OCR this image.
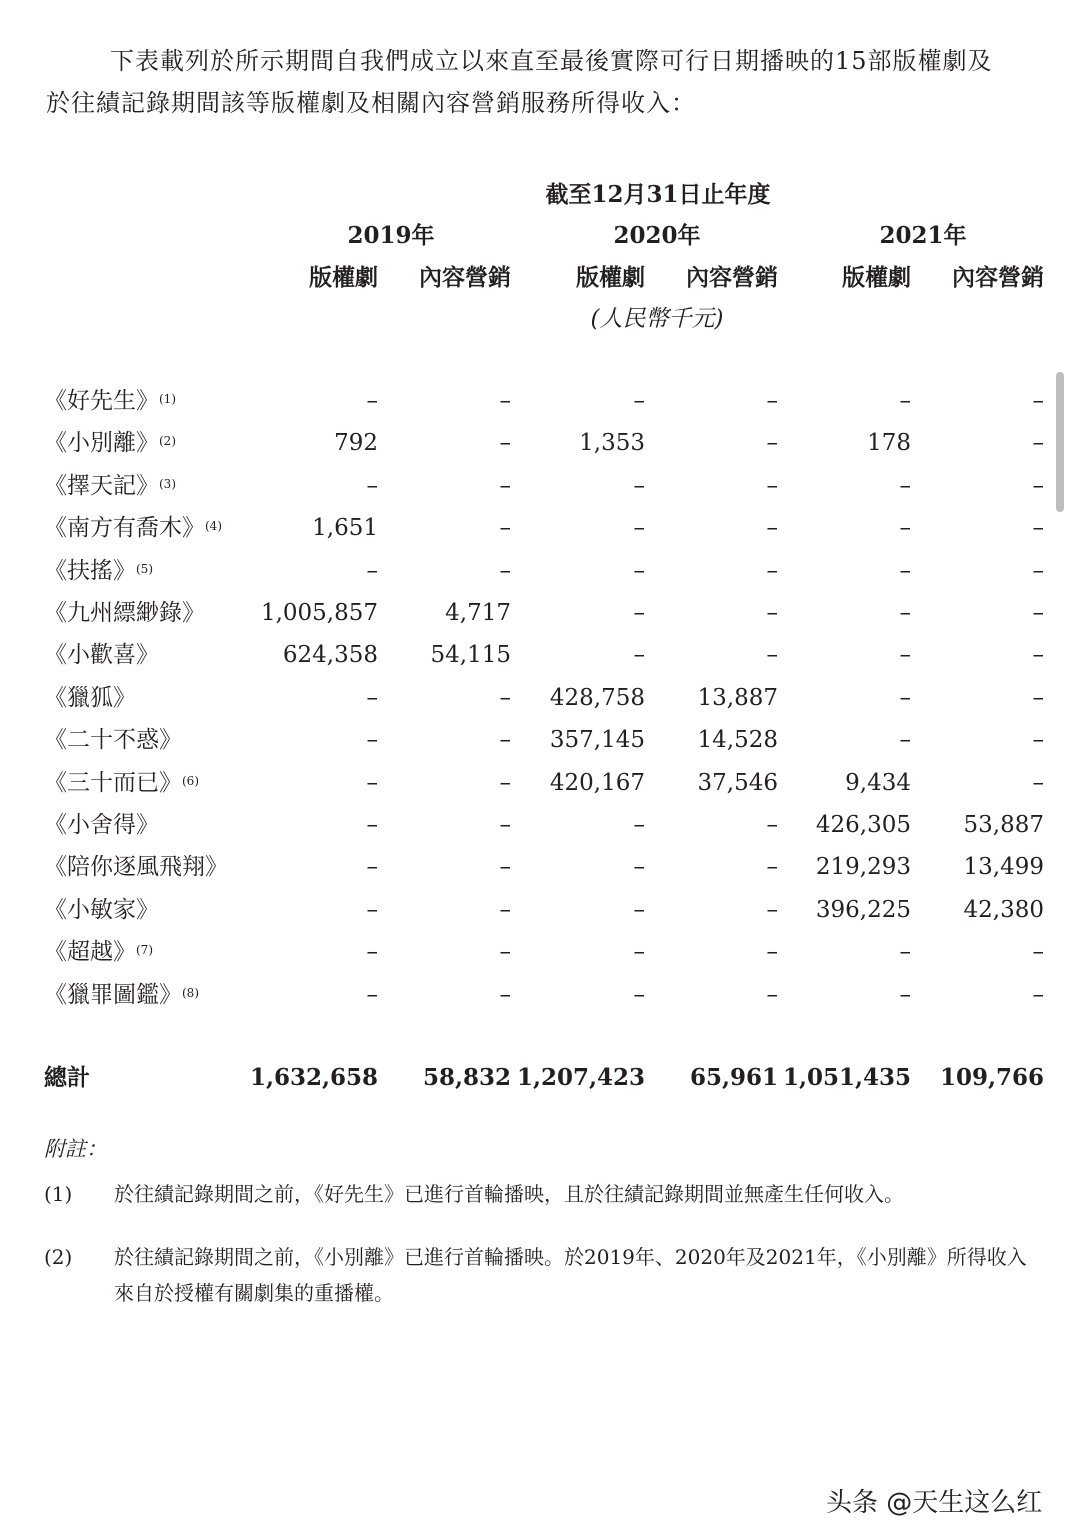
下表載列於所示期間自我們成立以來直至最後實際可行日期播映的15部版權劇及
於往績記錄期間該等版權劇及相關內容營銷服務所得收入：
截至12月31日止年度
2019年	2020年	2021年
版權劇 內容營銷	版權劇 內容營銷	版權劇 內容營銷
(人民幣千元)
《好先生》$^{(1)}$	–	–	–	–	–	–
《小別離》$^{(2)}$	792	–	1,353	–	178	–
《擇天記》$^{(3)}$	–	–	–	–	–	–
《南方有喬木》$^{(4)}$	1,651	–	–	–	–	–
《扶搖》$^{(5)}$	–	–	–	–	–	–
《九州縹緲錄》 1,005,857	4,717	–	–	–	–
《小歡喜》	624,358 54,115	–	–	–	–
《獵狐》	–	– 428,758 13,887	–	–
《二十不惑》	–	– 357,145 14,528	–	–
《三十而已》$^{(6)}$	–	– 420,167 37,546	9,434	–
《小舍得》	–	–	–	– 426,305 53,887
《陪你逐風飛翔》	–	–	–	– 219,293 13,499
《小敏家》	–	–	–	– 396,225 42,380
《超越》$^{(7)}$	–	–	–	–	–	–
《獵罪圖鑑》$^{(8)}$	–	–	–	–	–	–
總計	1,632,658 58,832 1,207,423 65,961 1,051,435 109,766
附註：
(1) 於往績記錄期間之前，《好先生》已進行首輪播映，且於往績記錄期間並無產生任何收入。
(2) 於往績記錄期間之前，《小別離》已進行首輪播映。於2019年、2020年及2021年，《小別離》所得收入來自於授權有關劇集的重播權。
头条 @天生这么红
